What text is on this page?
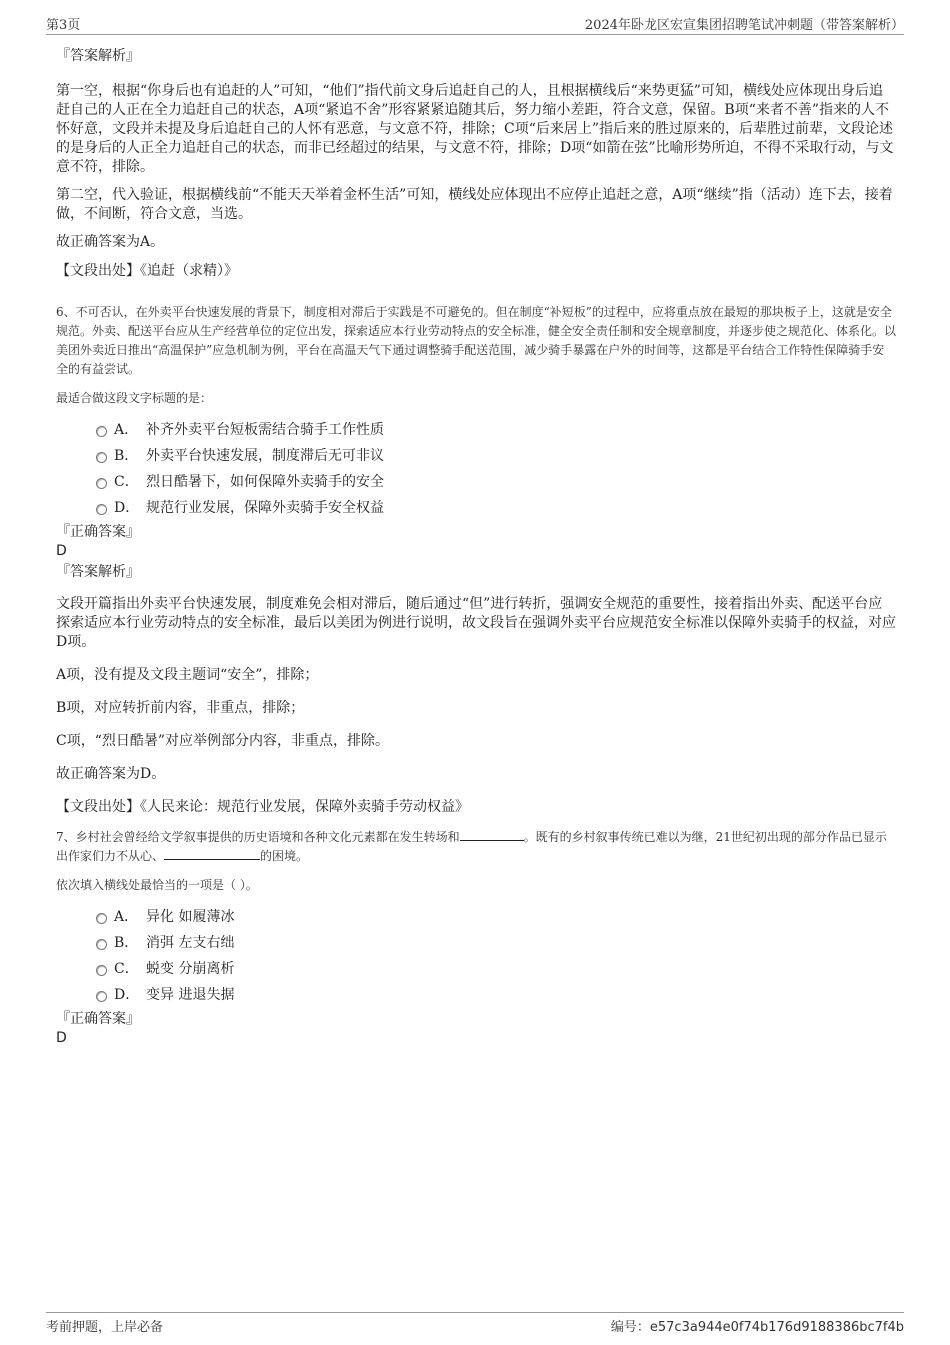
第3页	2024年卧龙区宏宣集团招聘笔试冲刺题（带答案解析）
『答案解析』

第一空，根据“你身后也有追赶的人”可知，“他们”指代前文身后追赶自己的人，且根据横线后“来势更猛”可知，横线处应体现出身后追赶自己的人正在全力追赶自己的状态，A项“紧追不舍”形容紧紧追随其后，努力缩小差距，符合文意，保留。B项“来者不善”指来的人不怀好意，文段并未提及身后追赶自己的人怀有恶意，与文意不符，排除；C项“后来居上”指后来的胜过原来的，后辈胜过前辈，文段论述的是身后的人正全力追赶自己的状态，而非已经超过的结果，与文意不符，排除；D项“如箭在弦”比喻形势所迫，不得不采取行动，与文意不符，排除。

第二空，代入验证，根据横线前“不能天天举着金杯生活”可知，横线处应体现出不应停止追赶之意，A项“继续”指（活动）连下去，接着做，不间断，符合文意，当选。

故正确答案为A。

【文段出处】《追赶（求精）》

6、不可否认，在外卖平台快速发展的背景下，制度相对滞后于实践是不可避免的。但在制度“补短板”的过程中，应将重点放在最短的那块板子上，这就是安全规范。外卖、配送平台应从生产经营单位的定位出发，探索适应本行业劳动特点的安全标准，健全安全责任制和安全规章制度，并逐步使之规范化、体系化。以美团外卖近日推出“高温保护”应急机制为例，平台在高温天气下通过调整骑手配送范围，减少骑手暴露在户外的时间等，这都是平台结合工作特性保障骑手安全的有益尝试。

最适合做这段文字标题的是：

A． 补齐外卖平台短板需结合骑手工作性质
B． 外卖平台快速发展，制度滞后无可非议
C． 烈日酷暑下，如何保障外卖骑手的安全
D． 规范行业发展，保障外卖骑手安全权益
『正确答案』
D
『答案解析』

文段开篇指出外卖平台快速发展，制度难免会相对滞后，随后通过“但”进行转折，强调安全规范的重要性，接着指出外卖、配送平台应探索适应本行业劳动特点的安全标准，最后以美团为例进行说明，故文段旨在强调外卖平台应规范安全标准以保障外卖骑手的权益，对应D项。

A项，没有提及文段主题词“安全”，排除；

B项，对应转折前内容，非重点，排除；

C项，“烈日酷暑”对应举例部分内容，非重点，排除。

故正确答案为D。

【文段出处】《人民来论：规范行业发展，保障外卖骑手劳动权益》

7、乡村社会曾经给文学叙事提供的历史语境和各种文化元素都在发生转场和	。既有的乡村叙事传统已难以为继，21世纪初出现的部分作品已显示出作家们力不从心、	的困境。

依次填入横线处最恰当的一项是（ ）。

A． 异化 如履薄冰
B． 消弭 左支右绌
C． 蜕变 分崩离析
D． 变异 进退失据
『正确答案』
D
考前押题，上岸必备	编号：e57c3a944e0f74b176d9188386bc7f4b
